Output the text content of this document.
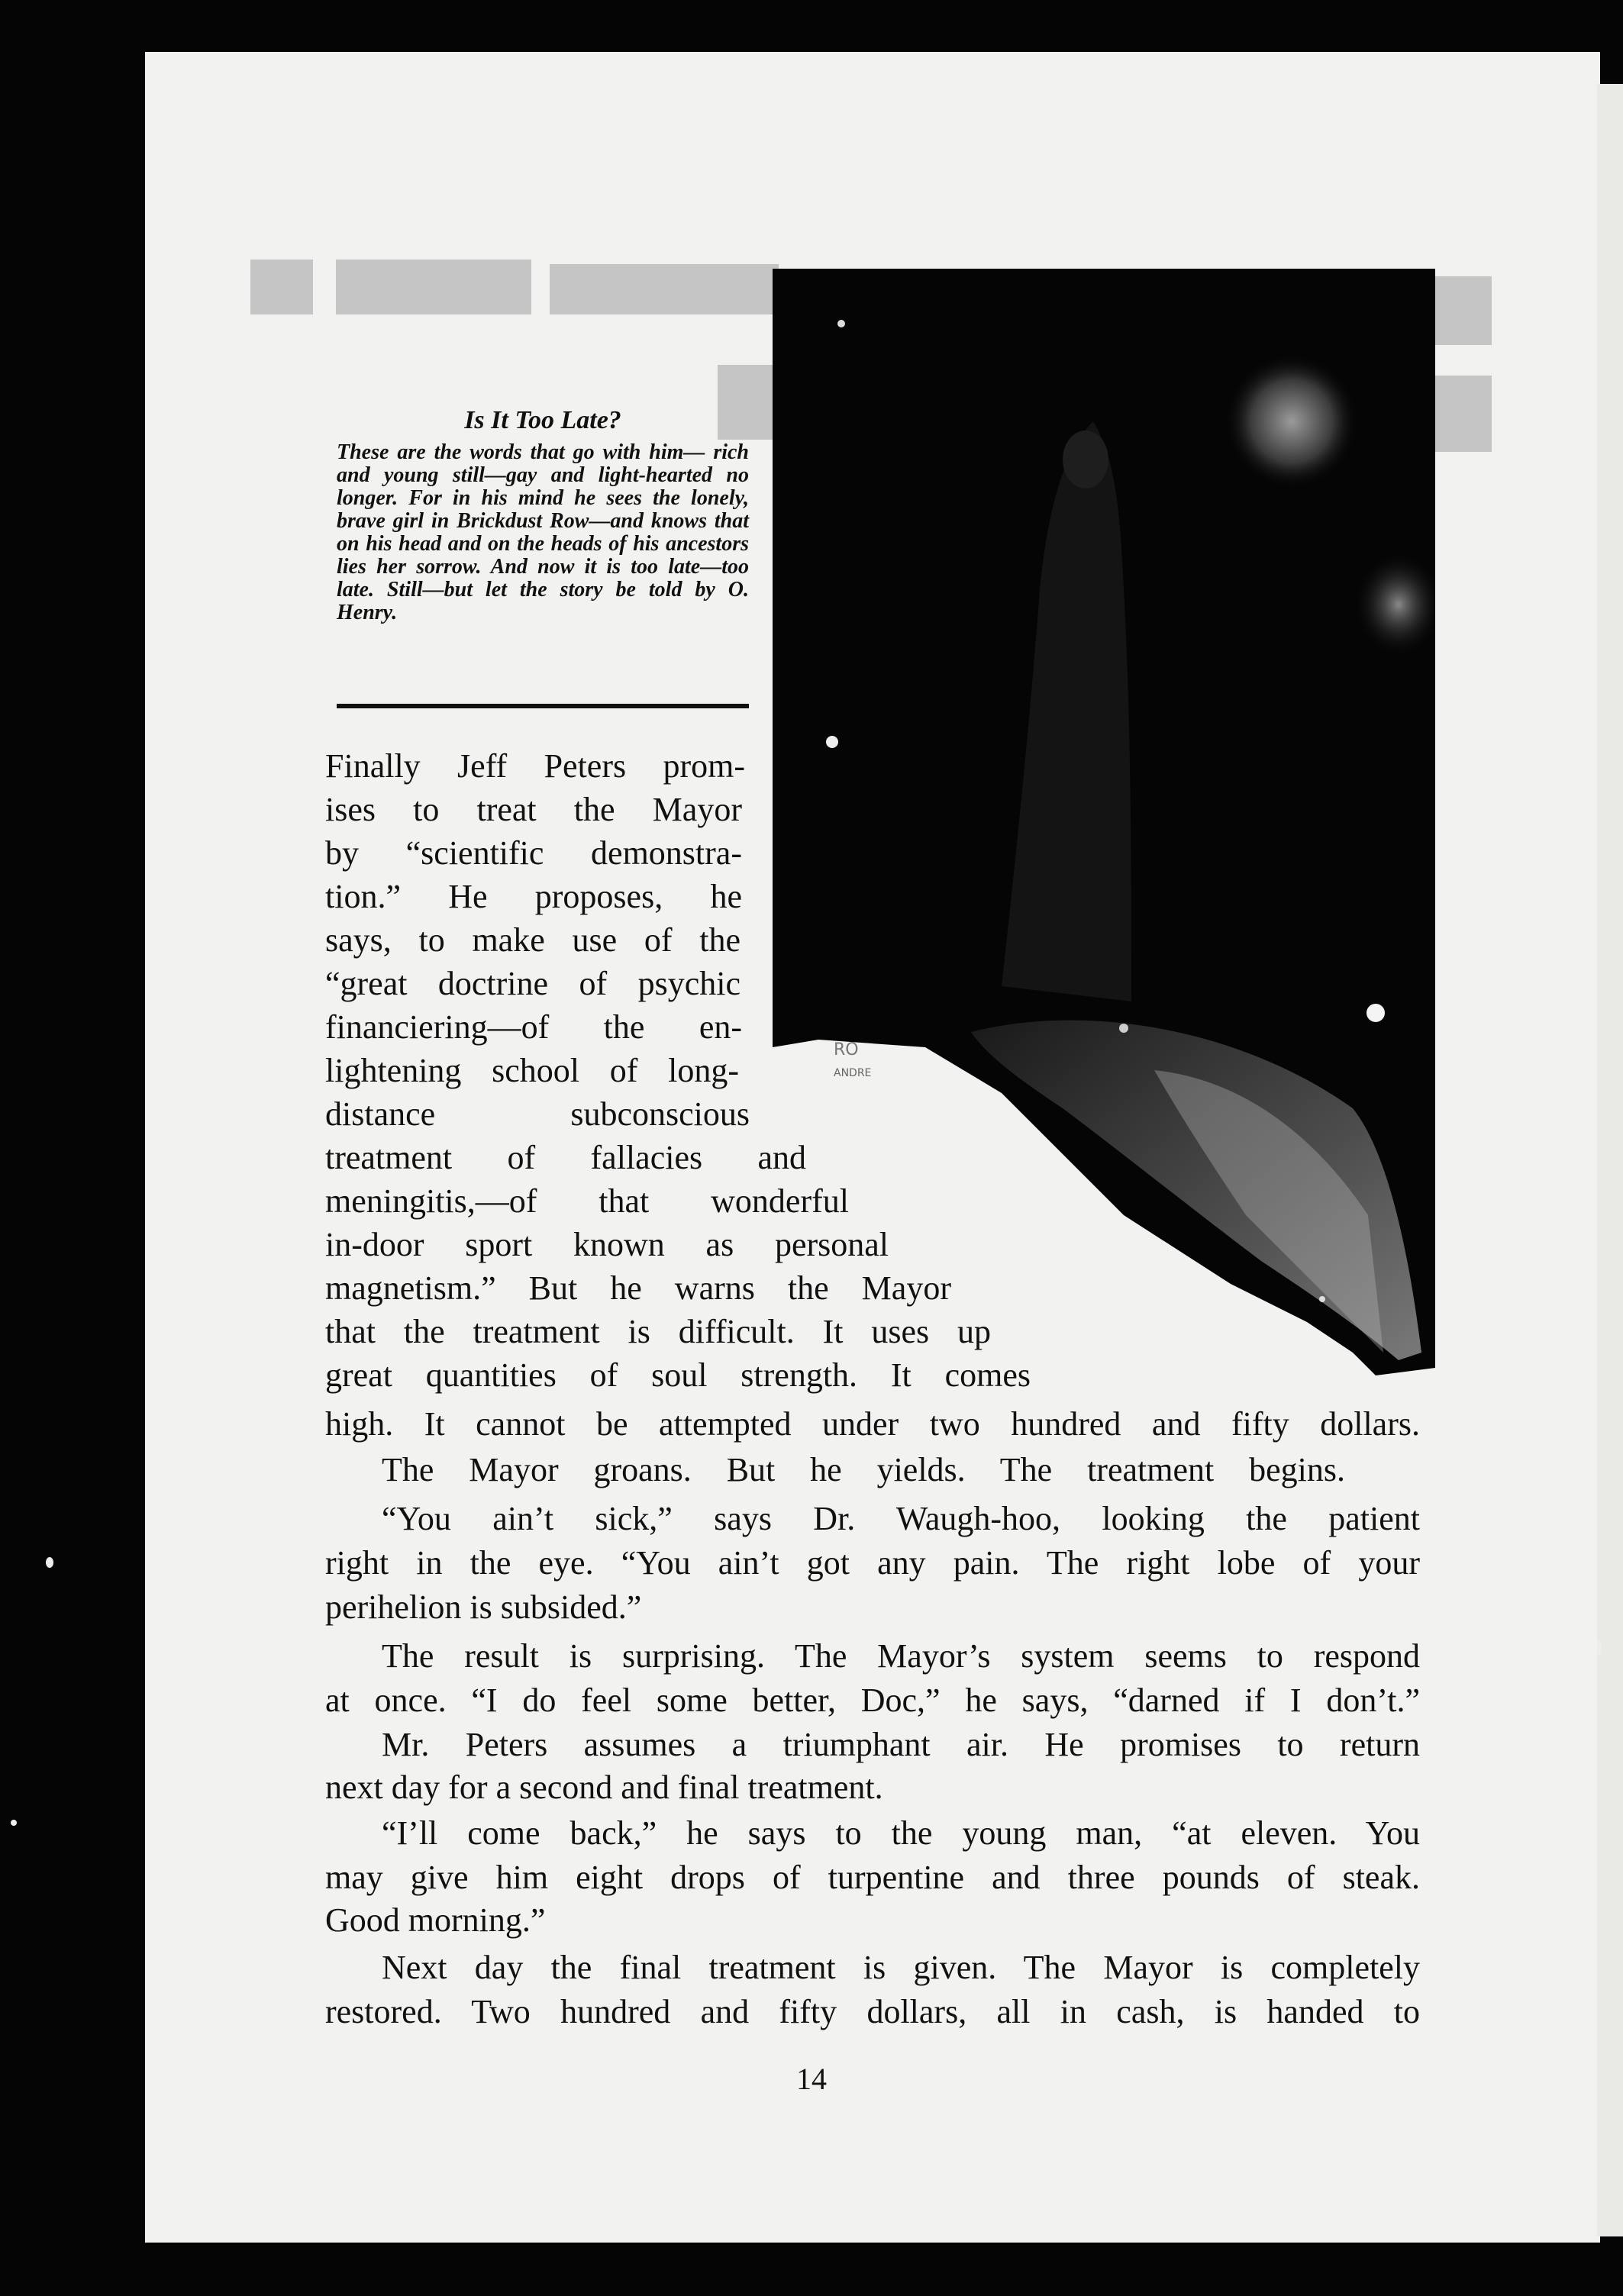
RO
ANDRE
Is It Too Late?
These are the words that go with him— rich and young still—gay and light-hearted no longer. For in his mind he sees the lonely, brave girl in Brickdust Row—and knows that on his head and on the heads of his ancestors lies her sorrow. And now it is too late—too late. Still—but let the story be told by O. Henry.
Finally Jeff Peters prom-
ises to treat the Mayor
by “scientific demonstra-
tion.” He proposes, he
says, to make use of the
“great doctrine of psychic
financiering—of the en-
lightening school of long-
distance subconscious
treatment of fallacies and
meningitis,—of that wonderful
in-door sport known as personal
magnetism.” But he warns the Mayor
that the treatment is difficult. It uses up
great quantities of soul strength. It comes
high. It cannot be attempted under two hundred and fifty dollars.
The Mayor groans. But he yields. The treatment begins.
“You ain’t sick,” says Dr. Waugh-hoo, looking the patient
right in the eye. “You ain’t got any pain. The right lobe of your
perihelion is subsided.”
The result is surprising. The Mayor’s system seems to respond
at once. “I do feel some better, Doc,” he says, “darned if I don’t.”
Mr. Peters assumes a triumphant air. He promises to return
next day for a second and final treatment.
“I’ll come back,” he says to the young man, “at eleven. You
may give him eight drops of turpentine and three pounds of steak.
Good morning.”
Next day the final treatment is given. The Mayor is completely
restored. Two hundred and fifty dollars, all in cash, is handed to
14
